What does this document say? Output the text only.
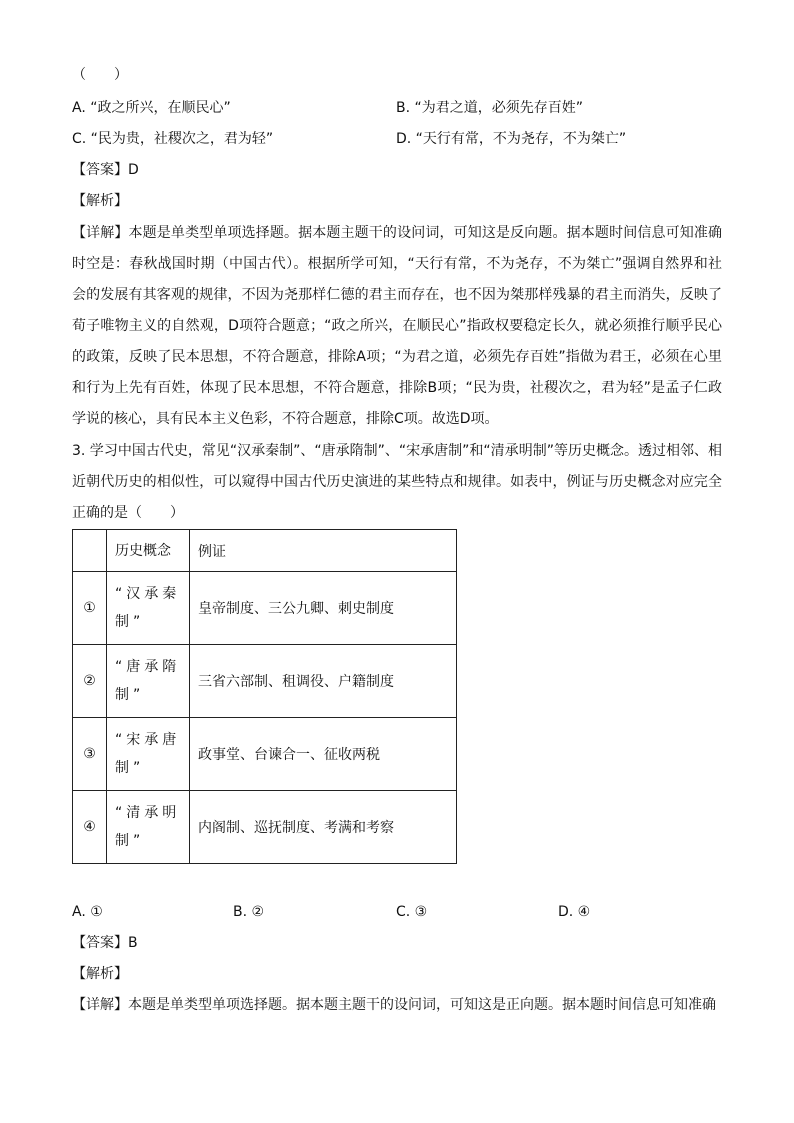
（　　）
A. “政之所兴，在顺民心”	B. “为君之道，必须先存百姓”
C. “民为贵，社稷次之，君为轻”	D. “天行有常，不为尧存，不为桀亡”
【答案】D
【解析】
【详解】本题是单类型单项选择题。据本题主题干的设问词，可知这是反向题。据本题时间信息可知准确时空是：春秋战国时期（中国古代）。根据所学可知，“天行有常，不为尧存，不为桀亡”强调自然界和社会的发展有其客观的规律，不因为尧那样仁德的君主而存在，也不因为桀那样残暴的君主而消失，反映了荀子唯物主义的自然观，D项符合题意；“政之所兴，在顺民心”指政权要稳定长久，就必须推行顺乎民心的政策，反映了民本思想，不符合题意，排除A项；“为君之道，必须先存百姓”指做为君王，必须在心里和行为上先有百姓，体现了民本思想，不符合题意，排除B项；“民为贵，社稷次之，君为轻”是孟子仁政学说的核心，具有民本主义色彩，不符合题意，排除C项。故选D项。
3. 学习中国古代史，常见“汉承秦制”、“唐承隋制”、“宋承唐制”和“清承明制”等历史概念。透过相邻、相近朝代历史的相似性，可以窥得中国古代历史演进的某些特点和规律。如表中，例证与历史概念对应完全正确的是（　　）
	历史概念	例证
①	“汉承秦制”	皇帝制度、三公九卿、刺史制度
②	“唐承隋制”	三省六部制、租调役、户籍制度
③	“宋承唐制”	政事堂、台谏合一、征收两税
④	“清承明制”	内阁制、巡抚制度、考满和考察
A. ①	B. ②	C. ③	D. ④
【答案】B
【解析】
【详解】本题是单类型单项选择题。据本题主题干的设问词，可知这是正向题。据本题时间信息可知准确
